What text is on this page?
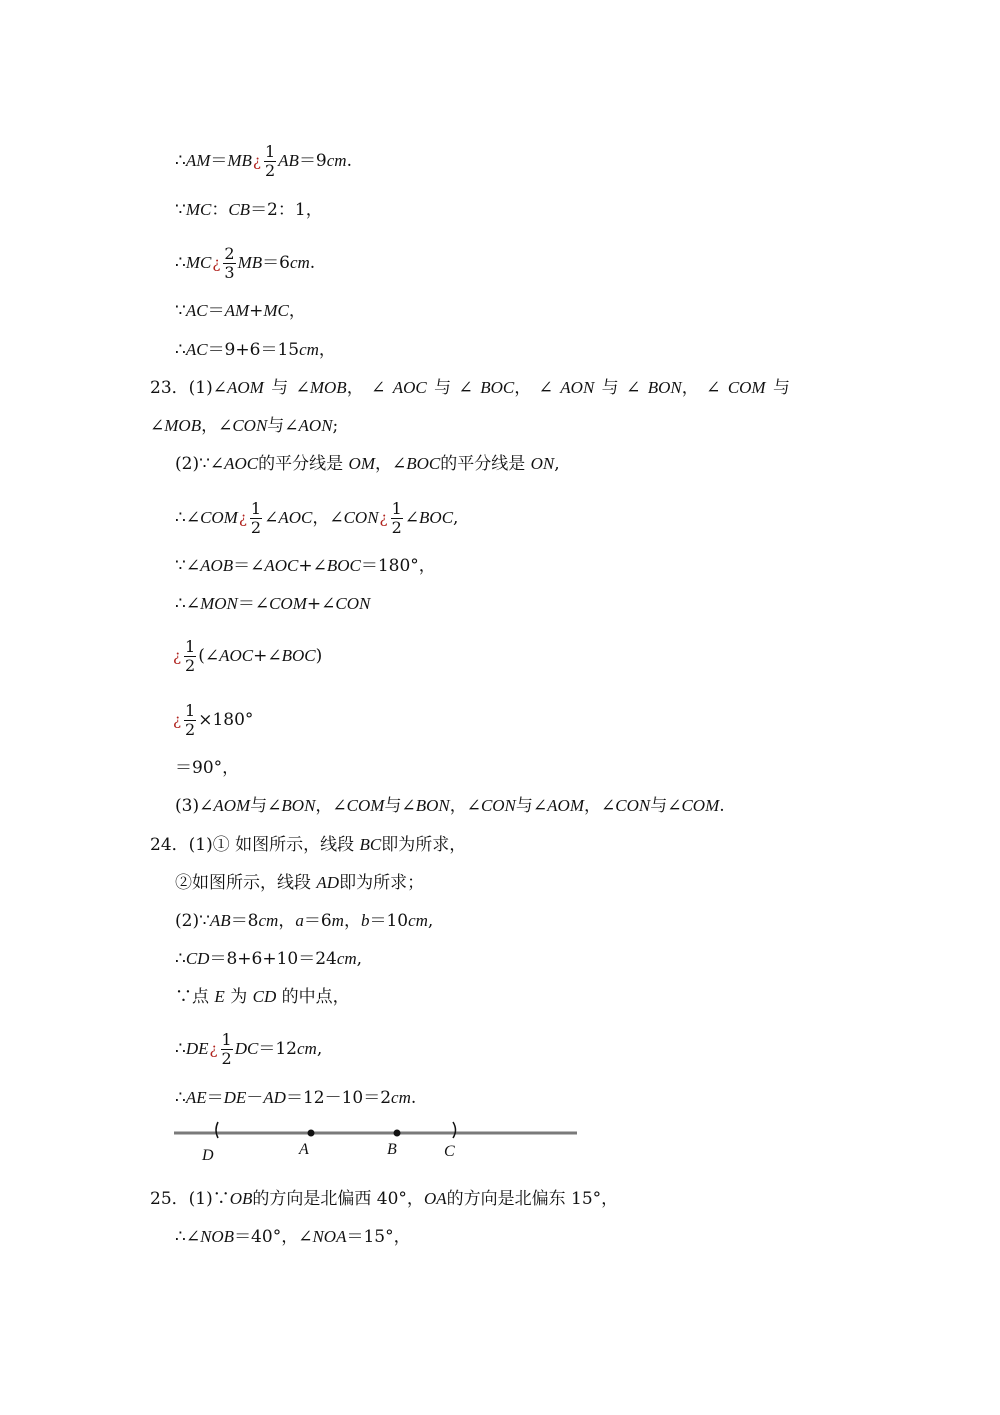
∴AM＝MB¿ $\frac{1}{2} AB=9cm$.
∵MC：CB＝2：1，
∴MC¿ $\frac{2}{3} MB=6cm$.
∵AC＝AM+MC，
∴AC＝9+6＝15cm，
23．(1)∠AOM 与 ∠MOB， ∠ AOC 与 ∠ BOC， ∠ AON 与 ∠ BON， ∠ COM 与
∠MOB，∠CON与∠AON;
(2)∵∠AOC的平分线是 OM，∠BOC的平分线是 ON,
∴∠COM¿ $\frac{1}{2}$ ∠AOC，∠CON¿ $\frac{1}{2}$ ∠BOC,
∵∠AOB＝∠AOC+∠BOC＝180°，
∴∠MON＝∠COM+∠CON
¿ $\frac{1}{2}$ (∠AOC+∠BOC)
¿ $\frac{1}{2} \times 180^\circ$
＝90°，
(3)∠AOM与∠BON，∠COM与∠BON，∠CON与∠AOM，∠CON与∠COM.
24．(1)① 如图所示，线段 BC即为所求，
②如图所示，线段 AD即为所求；
(2)∵AB＝8cm，a＝6m，b＝10cm,
∴CD＝8+6+10＝24cm,
∵点 E 为 CD 的中点，
∴DE¿ $\frac{1}{2} DC=12cm$,
∴AE＝DE－AD＝12－10＝2cm.
D	A	B	C
25．(1)∵OB的方向是北偏西 40°，OA的方向是北偏东 15°，
∴∠NOB＝40°，∠NOA＝15°，
